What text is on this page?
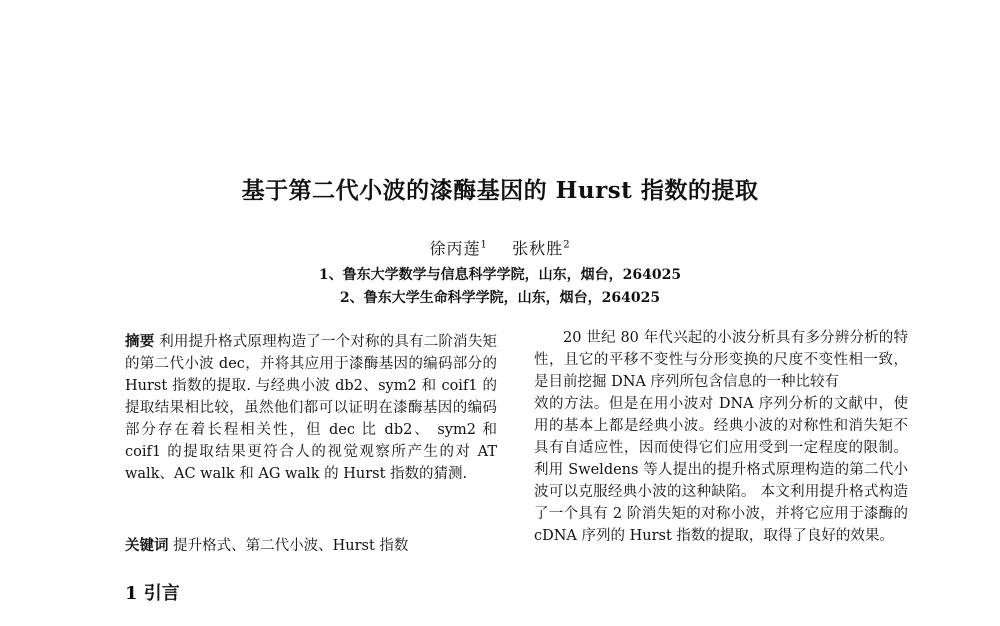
基于第二代小波的漆酶基因的 Hurst 指数的提取
徐丙莲$^1$ 张秋胜$^2$
1、鲁东大学数学与信息科学学院，山东，烟台，264025
2、鲁东大学生命科学学院，山东，烟台，264025

摘要 利用提升格式原理构造了一个对称的具有二阶消失矩的第二代小波 dec，并将其应用于漆酶基因的编码部分的 Hurst 指数的提取. 与经典小波 db2、sym2 和 coif1 的提取结果相比较，虽然他们都可以证明在漆酶基因的编码部分存在着长程相关性，但 dec 比 db2、 sym2 和 coif1 的提取结果更符合人的视觉观察所产生的对 AT walk、AC walk 和 AG walk 的 Hurst 指数的猜测.

关键词 提升格式、第二代小波、Hurst 指数
1 引言

20 世纪 80 年代兴起的小波分析具有多分辨分析的特性，且它的平移不变性与分形变换的尺度不变性相一致，是目前挖掘 DNA 序列所包含信息的一种比较有

效的方法。但是在用小波对 DNA 序列分析的文献中，使用的基本上都是经典小波。经典小波的对称性和消失矩不具有自适应性，因而使得它们应用受到一定程度的限制。 利用 Sweldens 等人提出的提升格式原理构造的第二代小波可以克服经典小波的这种缺陷。 本文利用提升格式构造了一个具有 2 阶消失矩的对称小波，并将它应用于漆酶的 cDNA 序列的 Hurst 指数的提取，取得了良好的效果。
